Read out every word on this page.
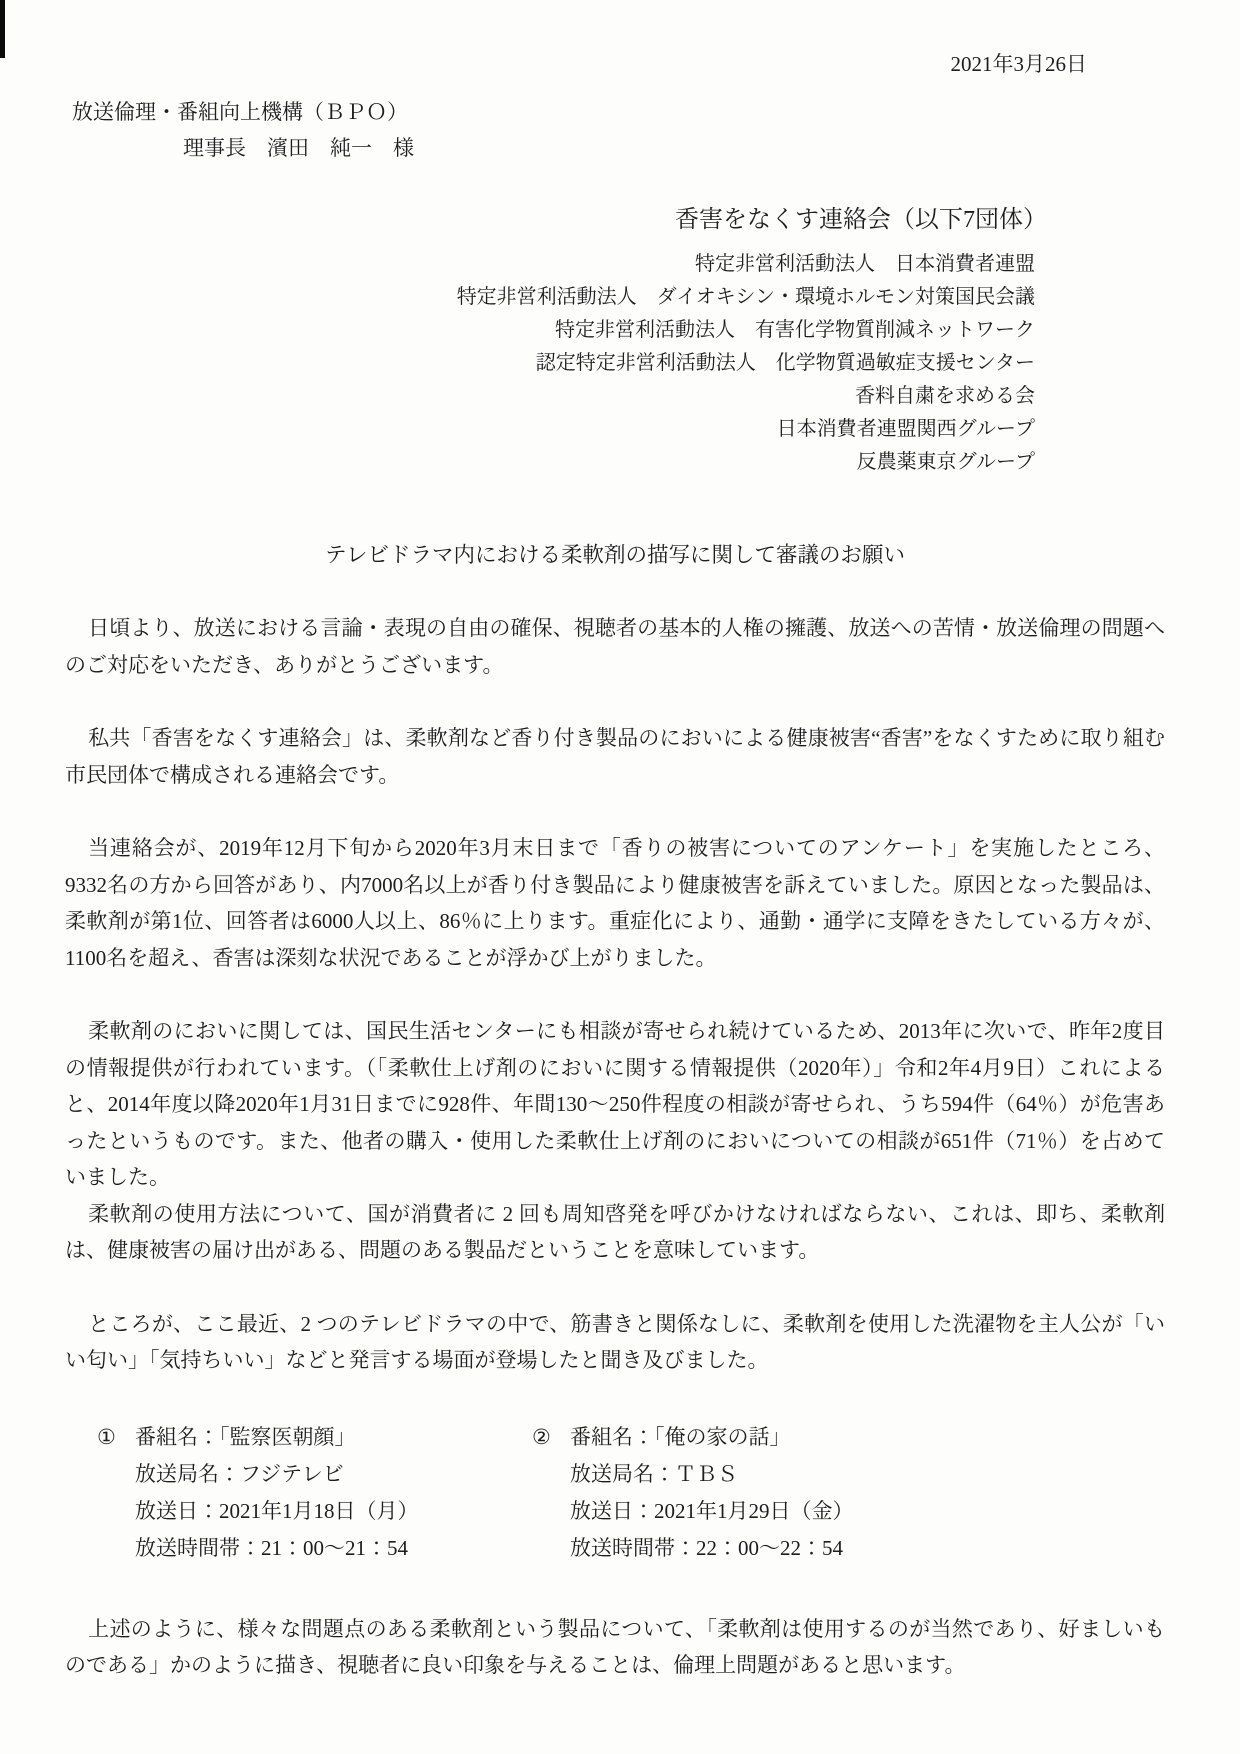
2021年3月26日
放送倫理・番組向上機構（ＢＰＯ）
理事長　濱田　純一　様
香害をなくす連絡会（以下7団体）
特定非営利活動法人　日本消費者連盟
特定非営利活動法人　ダイオキシン・環境ホルモン対策国民会議
特定非営利活動法人　有害化学物質削減ネットワーク
認定特定非営利活動法人　化学物質過敏症支援センター
香料自粛を求める会
日本消費者連盟関西グループ
反農薬東京グループ
テレビドラマ内における柔軟剤の描写に関して審議のお願い

日頃より、放送における言論・表現の自由の確保、視聴者の基本的人権の擁護、放送への苦情・放送倫理の問題へのご対応をいただき、ありがとうございます。

私共「香害をなくす連絡会」は、柔軟剤など香り付き製品のにおいによる健康被害“香害”をなくすために取り組む市民団体で構成される連絡会です。

当連絡会が、2019年12月下旬から2020年3月末日まで「香りの被害についてのアンケート」を実施したところ、9332名の方から回答があり、内7000名以上が香り付き製品により健康被害を訴えていました。原因となった製品は、柔軟剤が第1位、回答者は6000人以上、86％に上ります。重症化により、通勤・通学に支障をきたしている方々が、1100名を超え、香害は深刻な状況であることが浮かび上がりました。

柔軟剤のにおいに関しては、国民生活センターにも相談が寄せられ続けているため、2013年に次いで、昨年2度目の情報提供が行われています。（「柔軟仕上げ剤のにおいに関する情報提供（2020年）」令和2年4月9日）これによると、2014年度以降2020年1月31日までに928件、年間130～250件程度の相談が寄せられ、うち594件（64％）が危害あったというものです。また、他者の購入・使用した柔軟仕上げ剤のにおいについての相談が651件（71％）を占めていました。

柔軟剤の使用方法について、国が消費者に 2 回も周知啓発を呼びかけなければならない、これは、即ち、柔軟剤は、健康被害の届け出がある、問題のある製品だということを意味しています。

ところが、ここ最近、2 つのテレビドラマの中で、筋書きと関係なしに、柔軟剤を使用した洗濯物を主人公が「いい匂い」「気持ちいい」などと発言する場面が登場したと聞き及びました。

① 番組名：「監察医朝顔」
放送局名：フジテレビ
放送日：2021年1月18日（月）
放送時間帯：21：00～21：54
② 番組名：「俺の家の話」
放送局名：ＴＢＳ
放送日：2021年1月29日（金）
放送時間帯：22：00～22：54

上述のように、様々な問題点のある柔軟剤という製品について、「柔軟剤は使用するのが当然であり、好ましいものである」かのように描き、視聴者に良い印象を与えることは、倫理上問題があると思います。
